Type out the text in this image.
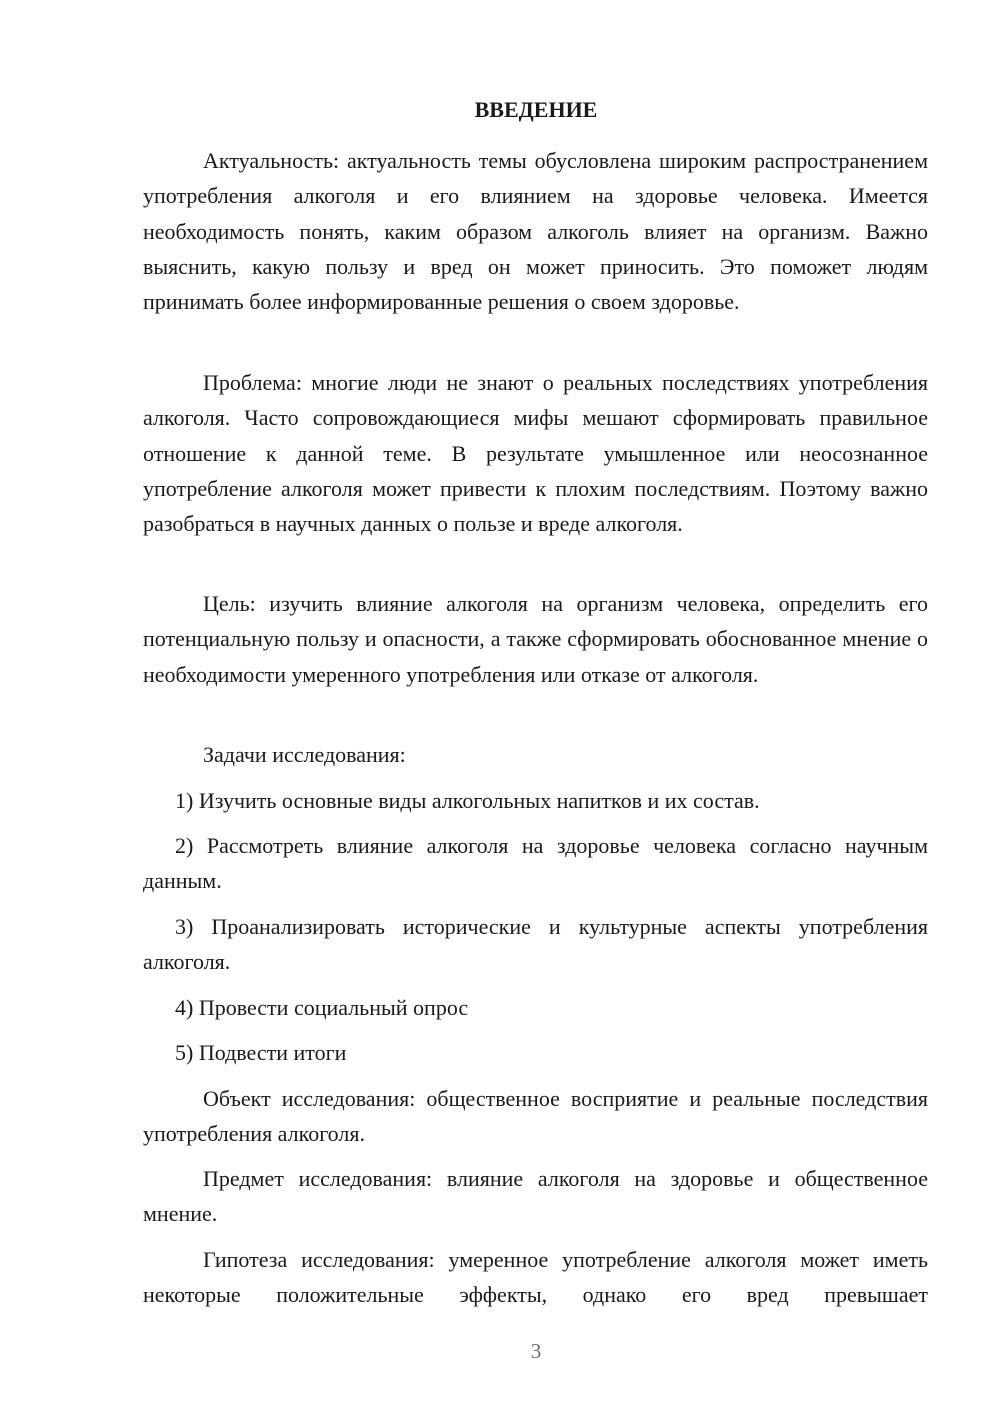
ВВЕДЕНИЕ

Актуальность: актуальность темы обусловлена широким распространением употребления алкоголя и его влиянием на здоровье человека. Имеется необходимость понять, каким образом алкоголь влияет на организм. Важно выяснить, какую пользу и вред он может приносить. Это поможет людям принимать более информированные решения о своем здоровье.

Проблема: многие люди не знают о реальных последствиях употребления алкоголя. Часто сопровождающиеся мифы мешают сформировать правильное отношение к данной теме. В результате умышленное или неосознанное употребление алкоголя может привести к плохим последствиям. Поэтому важно разобраться в научных данных о пользе и вреде алкоголя.

Цель: изучить влияние алкоголя на организм человека, определить его потенциальную пользу и опасности, а также сформировать обоснованное мнение о необходимости умеренного употребления или отказе от алкоголя.

Задачи исследования:

1) Изучить основные виды алкогольных напитков и их состав.

2) Рассмотреть влияние алкоголя на здоровье человека согласно научным данным.

3) Проанализировать исторические и культурные аспекты употребления алкоголя.

4) Провести социальный опрос

5) Подвести итоги

Объект исследования: общественное восприятие и реальные последствия употребления алкоголя.

Предмет исследования: влияние алкоголя на здоровье и общественное мнение.

Гипотеза исследования: умеренное употребление алкоголя может иметь некоторые положительные эффекты, однако его вред превышает

3
